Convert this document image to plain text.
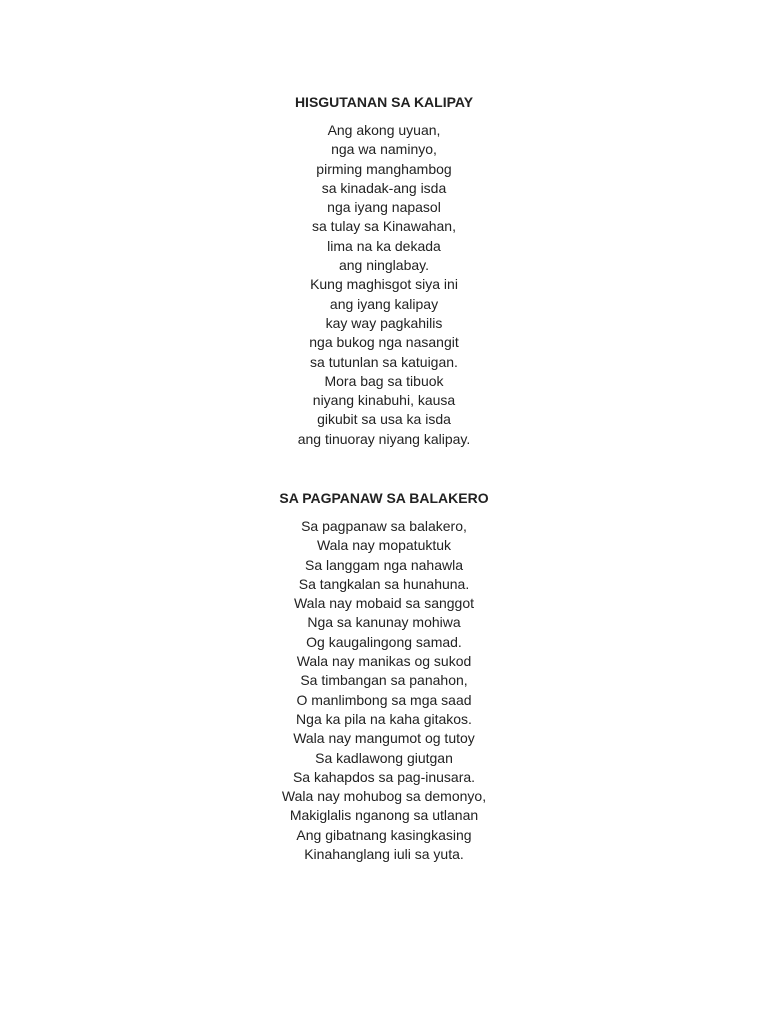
HISGUTANAN SA KALIPAY
Ang akong uyuan,
nga wa naminyo,
pirming manghambog
sa kinadak-ang isda
nga iyang napasol
sa tulay sa Kinawahan,
lima na ka dekada
ang ninglabay.
Kung maghisgot siya ini
ang iyang kalipay
kay way pagkahilis
nga bukog nga nasangit
sa tutunlan sa katuigan.
Mora bag sa tibuok
niyang kinabuhi, kausa
gikubit sa usa ka isda
ang tinuoray niyang kalipay.
SA PAGPANAW SA BALAKERO
Sa pagpanaw sa balakero,
Wala nay mopatuktuk
Sa langgam nga nahawla
Sa tangkalan sa hunahuna.
Wala nay mobaid sa sanggot
Nga sa kanunay mohiwa
Og kaugalingong samad.
Wala nay manikas og sukod
Sa timbangan sa panahon,
O manlimbong sa mga saad
Nga ka pila na kaha gitakos.
Wala nay mangumot og tutoy
Sa kadlawong giutgan
Sa kahapdos sa pag-inusara.
Wala nay mohubog sa demonyo,
Makiglalis nganong sa utlanan
Ang gibatnang kasingkasing
Kinahanglang iuli sa yuta.
